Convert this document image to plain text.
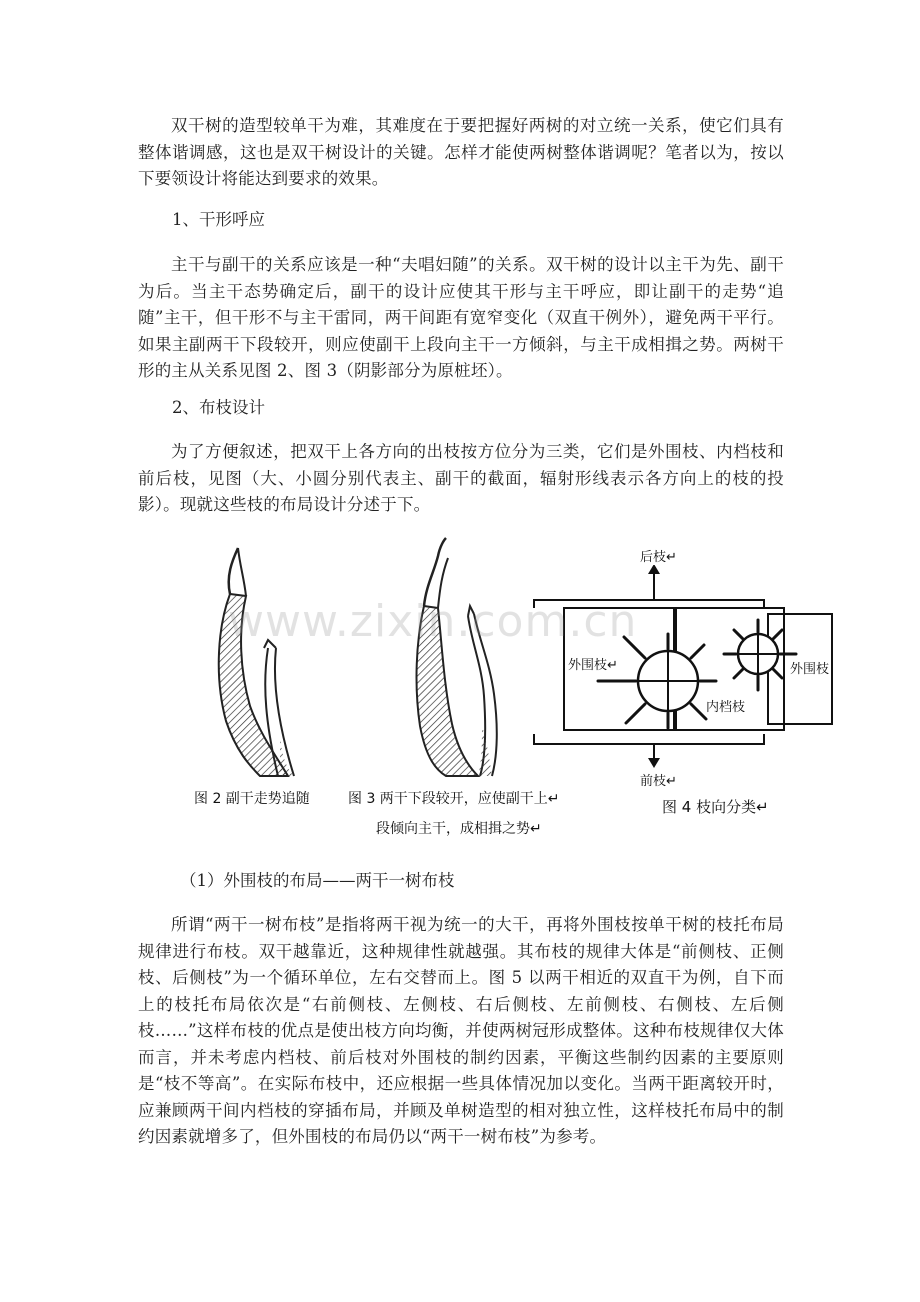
双干树的造型较单干为难，其难度在于要把握好两树的对立统一关系，使它们具有整体谐调感，这也是双干树设计的关键。怎样才能使两树整体谐调呢？笔者以为，按以下要领设计将能达到要求的效果。

1、干形呼应

主干与副干的关系应该是一种“夫唱妇随”的关系。双干树的设计以主干为先、副干为后。当主干态势确定后，副干的设计应使其干形与主干呼应，即让副干的走势“追随”主干，但干形不与主干雷同，两干间距有宽窄变化（双直干例外），避免两干平行。如果主副两干下段较开，则应使副干上段向主干一方倾斜，与主干成相揖之势。两树干形的主从关系见图 2、图 3（阴影部分为原桩坯）。

2、布枝设计

为了方便叙述，把双干上各方向的出枝按方位分为三类，它们是外围枝、内档枝和前后枝，见图（大、小圆分别代表主、副干的截面，辐射形线表示各方向上的枝的投影）。现就这些枝的布局设计分述于下。

www.zixin.com.cn
后枝↵
外围枝↵	外围枝
内档枝
前枝↵
图 2 副干走势追随	图 3 两干下段较开，应使副干上↵
段倾向主干，成相揖之势↵
图 4 枝向分类↵

（1）外围枝的布局——两干一树布枝

所谓“两干一树布枝”是指将两干视为统一的大干，再将外围枝按单干树的枝托布局规律进行布枝。双干越靠近，这种规律性就越强。其布枝的规律大体是“前侧枝、正侧枝、后侧枝”为一个循环单位，左右交替而上。图 5 以两干相近的双直干为例，自下而上的枝托布局依次是“右前侧枝、左侧枝、右后侧枝、左前侧枝、右侧枝、左后侧枝……”这样布枝的优点是使出枝方向均衡，并使两树冠形成整体。这种布枝规律仅大体而言，并未考虑内档枝、前后枝对外围枝的制约因素，平衡这些制约因素的主要原则是“枝不等高”。在实际布枝中，还应根据一些具体情况加以变化。当两干距离较开时，应兼顾两干间内档枝的穿插布局，并顾及单树造型的相对独立性，这样枝托布局中的制约因素就增多了，但外围枝的布局仍以“两干一树布枝”为参考。
